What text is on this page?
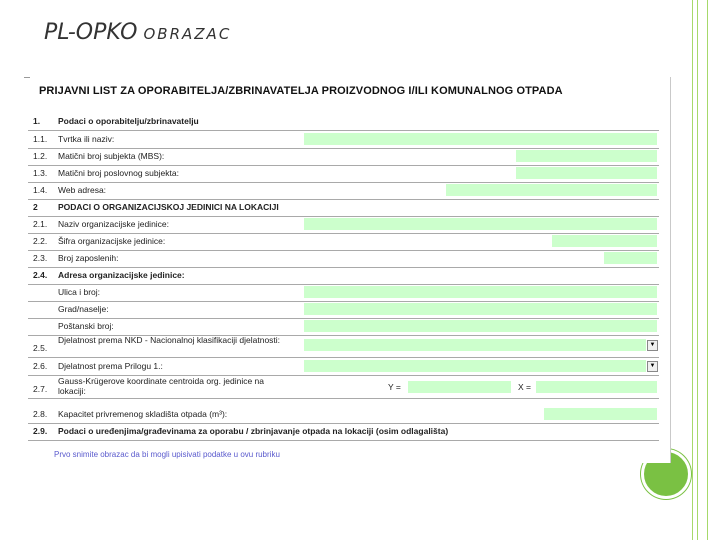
PL-OPKO OBRAZAC
PRIJAVNI LIST ZA OPORABITELJA/ZBRINAVATELJA PROIZVODNOG I/ILI KOMUNALNOG OTPADA
1. Podaci o oporabitelju/zbrinavatelju
1.1. Tvrtka ili naziv:
1.2. Matični broj subjekta (MBS):
1.3. Matični broj poslovnog subjekta:
1.4. Web adresa:
2 PODACI O ORGANIZACIJSKOJ JEDINICI NA LOKACIJI
2.1. Naziv organizacijske jedinice:
2.2. Šifra organizacijske jedinice:
2.3. Broj zaposlenih:
2.4. Adresa organizacijske jedinice:
Ulica i broj:
Grad/naselje:
Poštanski broj:
2.5.
Djelatnost prema NKD - Nacionalnoj klasifikaciji djelatnosti:	▼
2.6. Djelatnost prema Prilogu 1.:	▼
2.7.
Gauss-Krügerove koordinate centroida org. jedinice na lokaciji:	Y =	X =
2.8. Kapacitet privremenog skladišta otpada (m³):
2.9. Podaci o uređenjima/građevinama za oporabu / zbrinjavanje otpada na lokaciji (osim odlagališta)
Prvo snimite obrazac da bi mogli upisivati podatke u ovu rubriku
